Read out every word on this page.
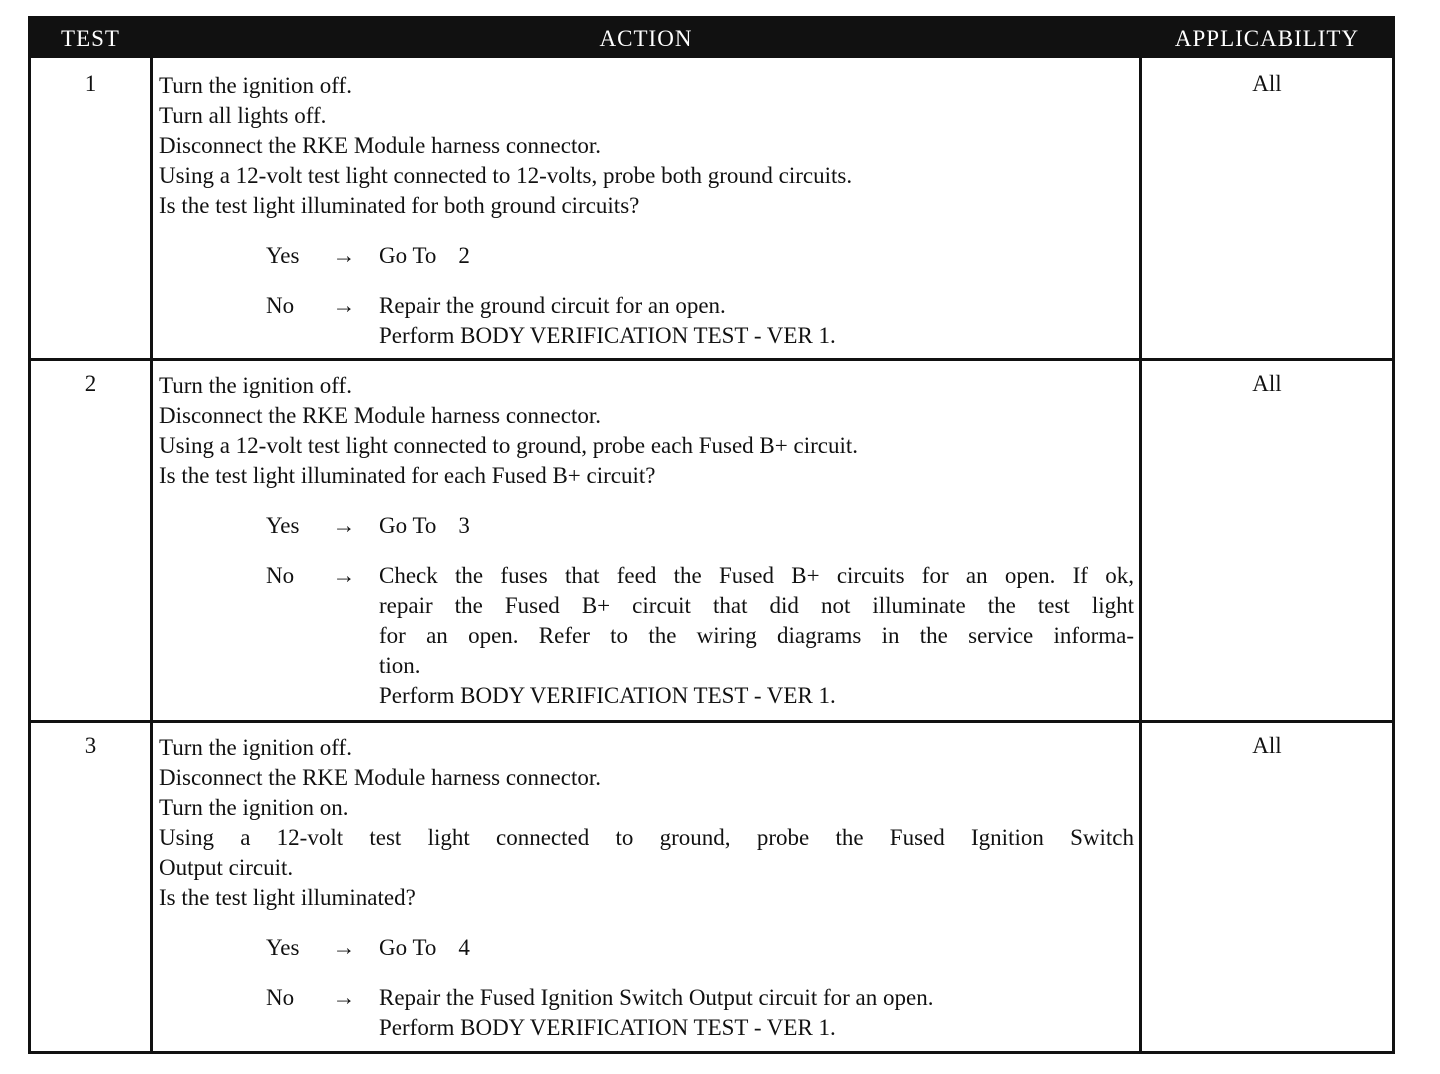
TEST	ACTION	APPLICABILITY
1	Turn the ignition off.
Turn all lights off.
Disconnect the RKE Module harness connector.
Using a 12-volt test light connected to 12-volts, probe both ground circuits.
Is the test light illuminated for both ground circuits?
Yes	→ Go To 2
No	→ Repair the ground circuit for an open.
Perform BODY VERIFICATION TEST - VER 1.
All
2	Turn the ignition off.
Disconnect the RKE Module harness connector.
Using a 12-volt test light connected to ground, probe each Fused B+ circuit.
Is the test light illuminated for each Fused B+ circuit?
Yes	→ Go To 3
No	→ Check the fuses that feed the Fused B+ circuits for an open. If ok,
repair the Fused B+ circuit that did not illuminate the test light
for an open. Refer to the wiring diagrams in the service informa-
tion.
Perform BODY VERIFICATION TEST - VER 1.
All
3	Turn the ignition off.
Disconnect the RKE Module harness connector.
Turn the ignition on.
Using a 12-volt test light connected to ground, probe the Fused Ignition Switch
Output circuit.
Is the test light illuminated?
Yes	→ Go To 4
No	→ Repair the Fused Ignition Switch Output circuit for an open.
Perform BODY VERIFICATION TEST - VER 1.
All
